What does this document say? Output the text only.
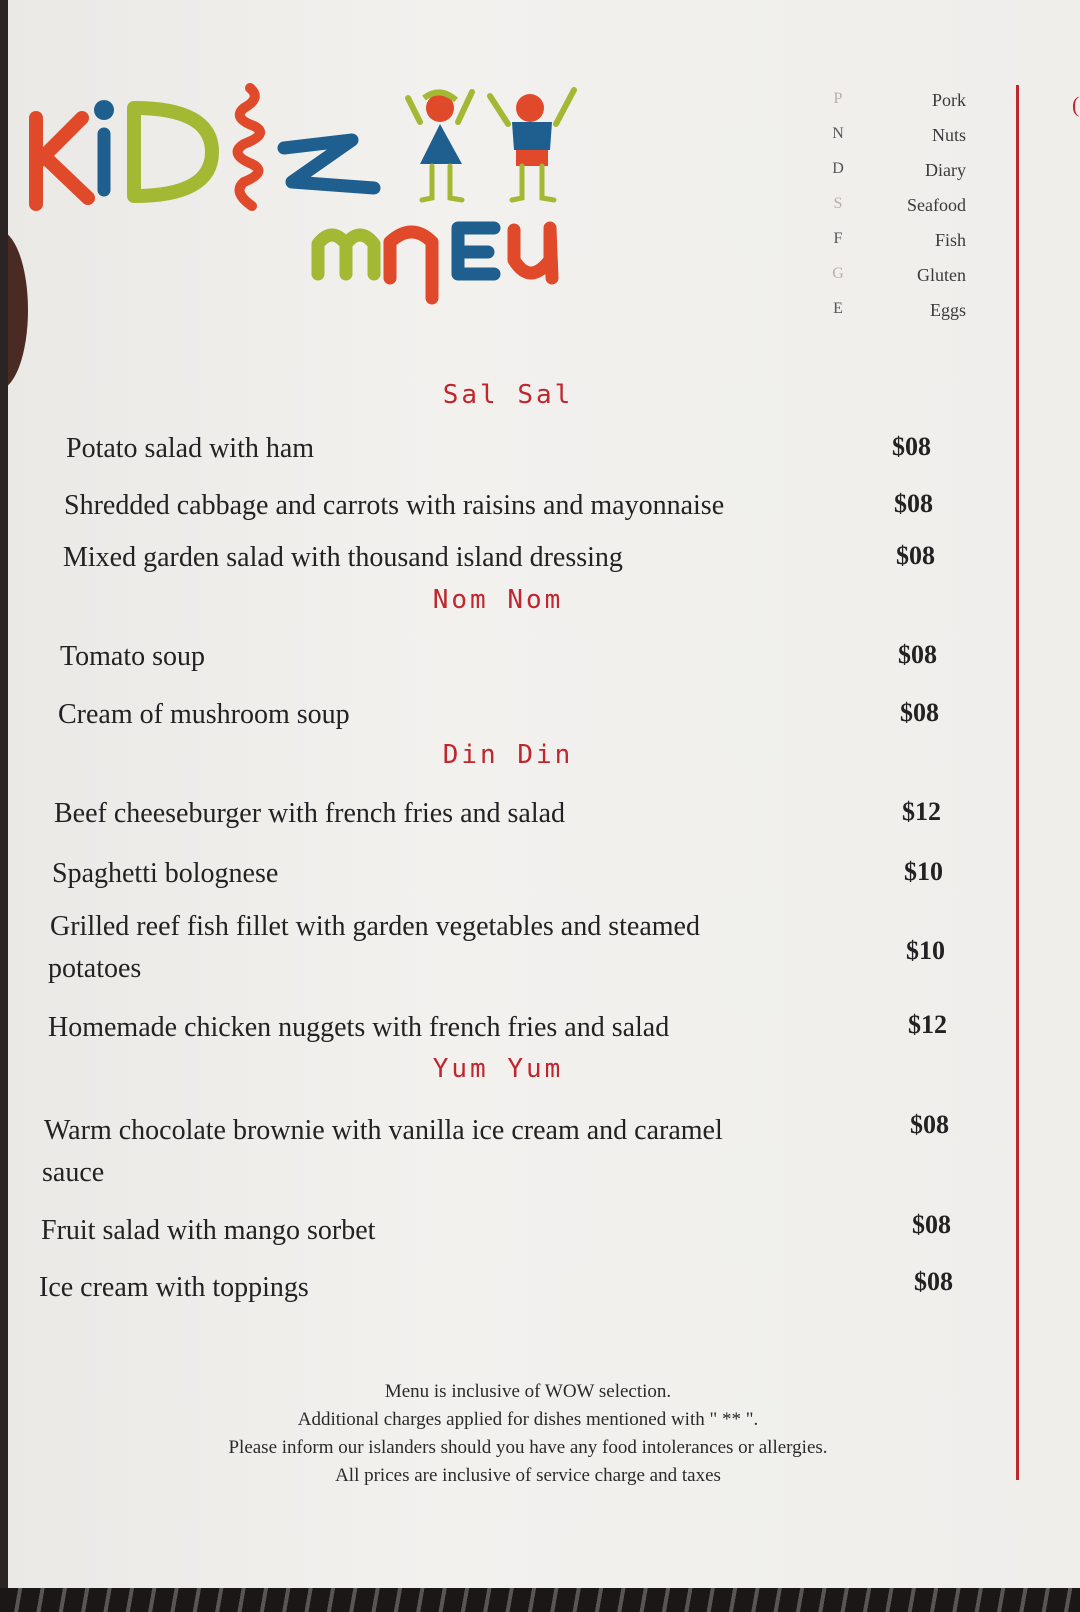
(
P	Pork
N	Nuts
D	Diary
S	Seafood
F	Fish
G	Gluten
E	Eggs
Sal Sal
Potato salad with ham	$08
Shredded cabbage and carrots with raisins and mayonnaise	$08
Mixed garden salad with thousand island dressing	$08
Nom Nom
Tomato soup	$08
Cream of mushroom soup	$08
Din Din
Beef cheeseburger with french fries and salad	$12
Spaghetti bolognese	$10
Grilled reef fish fillet with garden vegetables and steamed
potatoes
$10
Homemade chicken nuggets with french fries and salad	$12
Yum Yum
Warm chocolate brownie with vanilla ice cream and caramel
sauce
$08
Fruit salad with mango sorbet	$08
Ice cream with toppings	$08
Menu is inclusive of WOW selection.
Additional charges applied for dishes mentioned with " ** ".
Please inform our islanders should you have any food intolerances or allergies.
All prices are inclusive of service charge and taxes
